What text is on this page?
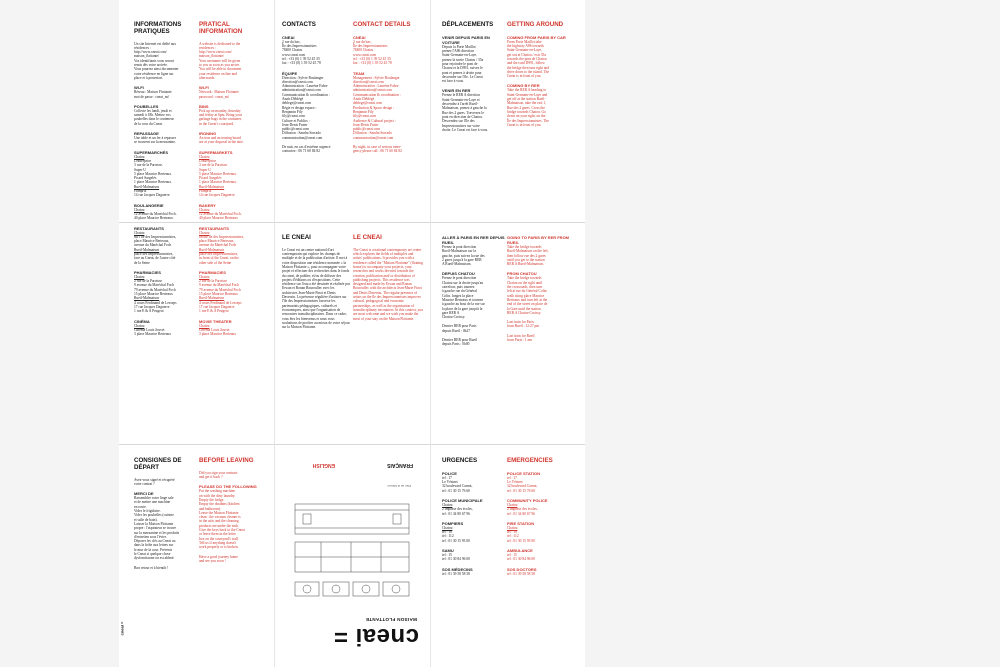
INFORMATIONS PRATIQUES
Un site Internet est dédié aux
résidences :
http://www.cneai.com/
maison_flottante/
Vos identifiants vous seront
remis dès votre arrivée.
Vous pourrez ainsi documenter
votre résidence en ligne sur
place et à posteriori.
WI-FI
Réseau : Maison Flottante
mot de passe : cneai_mf
POUBELLES
Collecte les lundi, jeudi et
samedi à 18h. Mettez vos
poubelles dans le conteneur
de la cour du Cneai.
REPASSAGE
Une table et un fer à repasser
se trouvent sur la mezzanine.
SUPERMARCHÉS
Chatou
Leaderprice
3 rue de la Paroisse.
Super U
5 place Maurice Berteaux.
Picard Surgelés
1 place Maurice Berteaux.
Rueil-Malmaison
Franprix
14 rue Jacques Daguerre.
BOULANGERIE
Chatou
12 avenue du Maréchal Foch.
40 place Maurice Berteaux.
RESTAURANTS
Chatou
sur l'île des Impressionnistes,
place Maurice Berteaux,
avenue du Maréchal Foch
Rueil-Malmaison
place des Impressionnistes,
face au Cneai, de l'autre côté
de la Seine
PHARMACIES
Chatou
2 rue de la Paroisse
9 avenue du Maréchal Foch
79 avenue du Maréchal Foch
15 place Maurice Berteaux
Rueil-Malmaison
4 cours Ferdinand de Lesseps
17 rue Jacques Daguerre
1 rue E & A Peugeot
CINÉMA
Chatou
Cinéma Louis Jouvet
3 place Maurice Berteaux
PRATICAL INFORMATION
A website is dedicated to the
residences :
http://www.cneai.com/
maison_flottante/
Your username will be given
to you as soon as you arrive.
You will be able to document
your residence on line and
afterwards.
WI-FI
Network : Maison Flottante
password : cneai_mf
BINS
Pick up on monday, thursday
and friday at 6pm. Bring your
garbage bags in the container,
in the Cneai's courtyard.
IRONING
An iron and an ironing board
are at your disposal in the attic.
SUPERMARKETS
Chatou
Leaderprice
3 rue de la Paroisse.
Super U
5 place Maurice Berteaux.
Picard Surgelés
1 place Maurice Berteaux.
Rueil-Malmaison
Franprix
14 rue Jacques Daguerre.
BAKERY
Chatou
12 avenue du Maréchal Foch.
40 place Maurice Berteaux
RESTAURANTS
Chatou
on the île des Impressionnistes,
place Maurice Berteaux,
avenue du Maréchal Foch
Rueil-Malmaison
place des Impressionnistes,
in front of the Cneai, on the
other side of the Seine
PHARMACIES
Chatou
2 rue de la Paroisse
9 avenue du Maréchal Foch
79 avenue du Maréchal Foch
15 place Maurice Berteaux
Rueil-Malmaison
4 cours Ferdinand de Lesseps
17 rue Jacques Daguerre
1 rue E & A Peugeot
MOVIE THEATER
Chatou
Cinéma Louis Jouvet
3 place Maurice Berteaux
CONTACTS
CNEAI
2 rue du bac,
Île des Impressionnistes
78400 Chatou
www.cneai.com
tel : +33 (0) 1 39 52 45 35
fax : +33 (0) 1 39 52 45 78
ÉQUIPE
Direction : Sylvie Boulanger
direction@cneai.com
Administration : Laurène Fabre
administration@cneai.com
Communication & coordination :
Anaïs Déblégé
deblege@cneai.com
Régie et design espace :
Benjamin Fily
fily@cneai.com
Culture et Publics :
Jean-Denis Frater
public@cneai.com
Diffusion : Sandra Sorrado
communication@cneai.com
De nuit, en cas d'extrême urgence
contactez : 06 71 60 84 82
CONTACT DETAILS
CNEAI
2 rue du bac,
Île des Impressionnistes
78400 Chatou
www.cneai.com
tel : +33 (0) 1 39 52 45 35
fax : +33 (0) 1 39 52 45 78
TEAM
Management : Sylvie Boulanger
direction@cneai.com
Administration : Laurène Fabre
administration@cneai.com
Communication & coordination :
Anaïs Déblégé
deblege@cneai.com
Production & Space design :
Benjamin Fily
fily@cneai.com
Audience & Cultural project :
Jean-Denis Frater
public@cneai.com
Diffusion : Sandra Sorrado
communication@cneai.com
By night, in case of serious emer-
gency please call : 06 71 60 84 82
DÉPLACEMENTS
VENIR DEPUIS PARIS EN VOITURE
Depuis la Porte Maillot
prenez l'A86 direction
Saint-Germain-en-Laye,
prenez la sortie Chatou / 35a
pour rejoindre le pont de
Chatou et la D991, suivez le
pont et prenez à droite pour
descendre sur l'île. Le Cneai
est face à vous.
VENIR EN RER
Prenez le RER A direction
Saint-Germain-en-Laye et
descendez à l'arrêt Rueil-
Malmaison, prenez à gauche la
Rue des 2 gares. Traversez le
pont en direction de Chatou.
Descendez sur l'île des
Impressionnistes sur votre
droite. Le Cneai est face à vous.
GETTING AROUND
COMING FROM PARIS BY CAR
From Porte Maillot take
the highway A86 towards
Saint-Germain-en-Laye,
get out at Chatou / exit 35a
towards the pont de Chatou
and the road D991, follow
the bridge then turn right and
drive down to the island. The
Cneai is in front of you.
COMING BY RER
Take the RER A heading to
Saint-Germain-en-Laye and
get off at the station Rueil-
Malmaison, take the exit 1,
Rue des 2 gares. Cross the
bridge towards Chatou. Go
down on your right, on the
Île des Impressionnistes. The
Cneai is in front of you.
LE CNEAI
Le Cneai est un centre national d'art contemporain qui explore les champs de multiple et de la publication d'artiste. Il met à votre disposition une résidence nommée « la Maison Flottante », pour accompagner votre projet et effectuer des recherches dans le fonds du cneai, de publier, et/ou de diffuser des projets d'éditions ou d'expositions. Cette résidence sur l'eau a été dessinée et réalisée par Erwan et Ronan Bouroullec avec les architectes Jean-Marie Finot et Denis Daversin. La présence régulière d'artistes sur l'île des Impressionnistes favorise les partenariats pédagogiques, culturels et économiques, ainsi que l'organisation de rencontres transdisciplinaires. Dans ce cadre, vous êtes les bienvenus et nous vous souhaitons de profiter au mieux de votre séjour sur la Maison Flottante.
LE CNEAI
The Cneai is a national contemporary art center which explores the fields of multiples and artists' publications. It provides you with a residence called the "Maison Flottante" (floating house) to accompany your projects, your researches and works devoted towards the creation, publication and/ or distribution of publishing projects. This residence was designed and made by Erwan and Ronan Bouroullec with the architects Jean-Marie Finot and Denis Daversin. The regular presence of artists on the île des Impressionnistes improves cultural, pedagogical and economic partnerships, as well as the organisation of transdisciplinary encounters. In this context, you are most welcome and we wish you make the most of your stay on the Maison Flottante.
ALLER À PARIS EN RER DEPUIS RUEIL
Prenez la pont direction
Rueil-Malmaison sur la
gauche, puis suivez la rue des
2 gares jusqu'à la gare RER
A Rueil-Malmaison.
DEPUIS CHATOU
Prenez le pont direction
Chatou sur la droite jusqu'au
carrefour, puis tournez
à gauche rue du Général
Colin. longez la place
Maurice Berteaux et tournez
à gauche au bout de la rue sur
la place de la gare jusqu'à la
gare RER A
Chatou-Croissy.
Dernier RER pour Paris
depuis Rueil : 0h27
Dernier RER pour Rueil
depuis Paris : 0h00
GOING TO PARIS BY RER FROM RUEIL
Take the bridge towards
Rueil-Malmaison on the left,
then follow rue des 2 gares
until you get to the station
RER A Rueil-Malmaison.
FROM CHATOU
Take the bridge towards
Chatou on the right until
the crossroads, then turn
left at rue du Général Colin.
walk along place Maurice
Berteaux and turn left at the
end of the street on place de
la Gare until the station
RER A Chatou-Croissy.
Last train for Paris
from Rueil : 12:27 pm
Last train for Rueil
from Paris : 1 am
CONSIGNES DE DÉPART
Avez-vous signé et récupéré
votre contrat ?
MERCI DE
Rassembler votre linge sale
et de mettre une machine
en route.
Vider le frigidaire.
Vider les poubelles (cuisine
et salle de bain).
Laisser la Maison Flottante
propre : l'aspirateur se trouve
sur la mezzanine et les produits
d'entretien sous l'évier.
Déposer les clés au Cneai ou
dans la boîte aux lettres sur
le mur de la cour. Prévenir
le Cneai si quelque chose
dysfonctionne ou est abîmé.
Bon retour et à bientôt !
BEFORE LEAVING
Did you sign your contract
and get it back ?
PLEASE DO THE FOLLOWING
Put the washing machine
on with the dirty laundry.
Empty the fridge.
Empty the dustbins (kitchen
and bathroom).
Leave the Maison Flottante
clean : the vacuum cleaner is
in the attic and the cleaning
products are under the sink.
Give the keys back to the Cneai
or leave them in the letter
box on the courtyard's wall.
Tell us if anything doesn't
work properly or is broken.
Have a good journey home
and see you soon !
URGENCES
POLICE
tel : 17
Le Vésinet
32 boulevard Carnot,
tel : 01 30 15 76 60
POLICE MUNICIPALE
Chatou
2 impasse des écoles,
tel : 01 34 80 67 96
POMPIERS
Chatou
tel : 18
tel : 112
tel : 01 30 15 93 00
SAMU
tel : 15
tel : 01 30 84 96 00
SOS MÉDECINS
tel : 01 39 58 58 58
EMERGENCIES
POLICE STATION
tel : 17
Le Vésinet
32 boulevard Carnot,
tel : 01 30 15 76 60
COMMUNITY POLICE
Chatou
2 impasse des écoles,
tel : 01 34 80 67 96
FIRE STATION
Chatou
tel : 18
tel : 112
tel : 01 30 15 93 00
AMBULANCE
tel : 15
tel : 01 30 84 96 00
SOS DOCTORS
tel : 01 39 58 58 58
cneai =	cneai =
MAISON FLOTTANTE
Plan de la Maison
FRANÇAIS
ENGLISH
